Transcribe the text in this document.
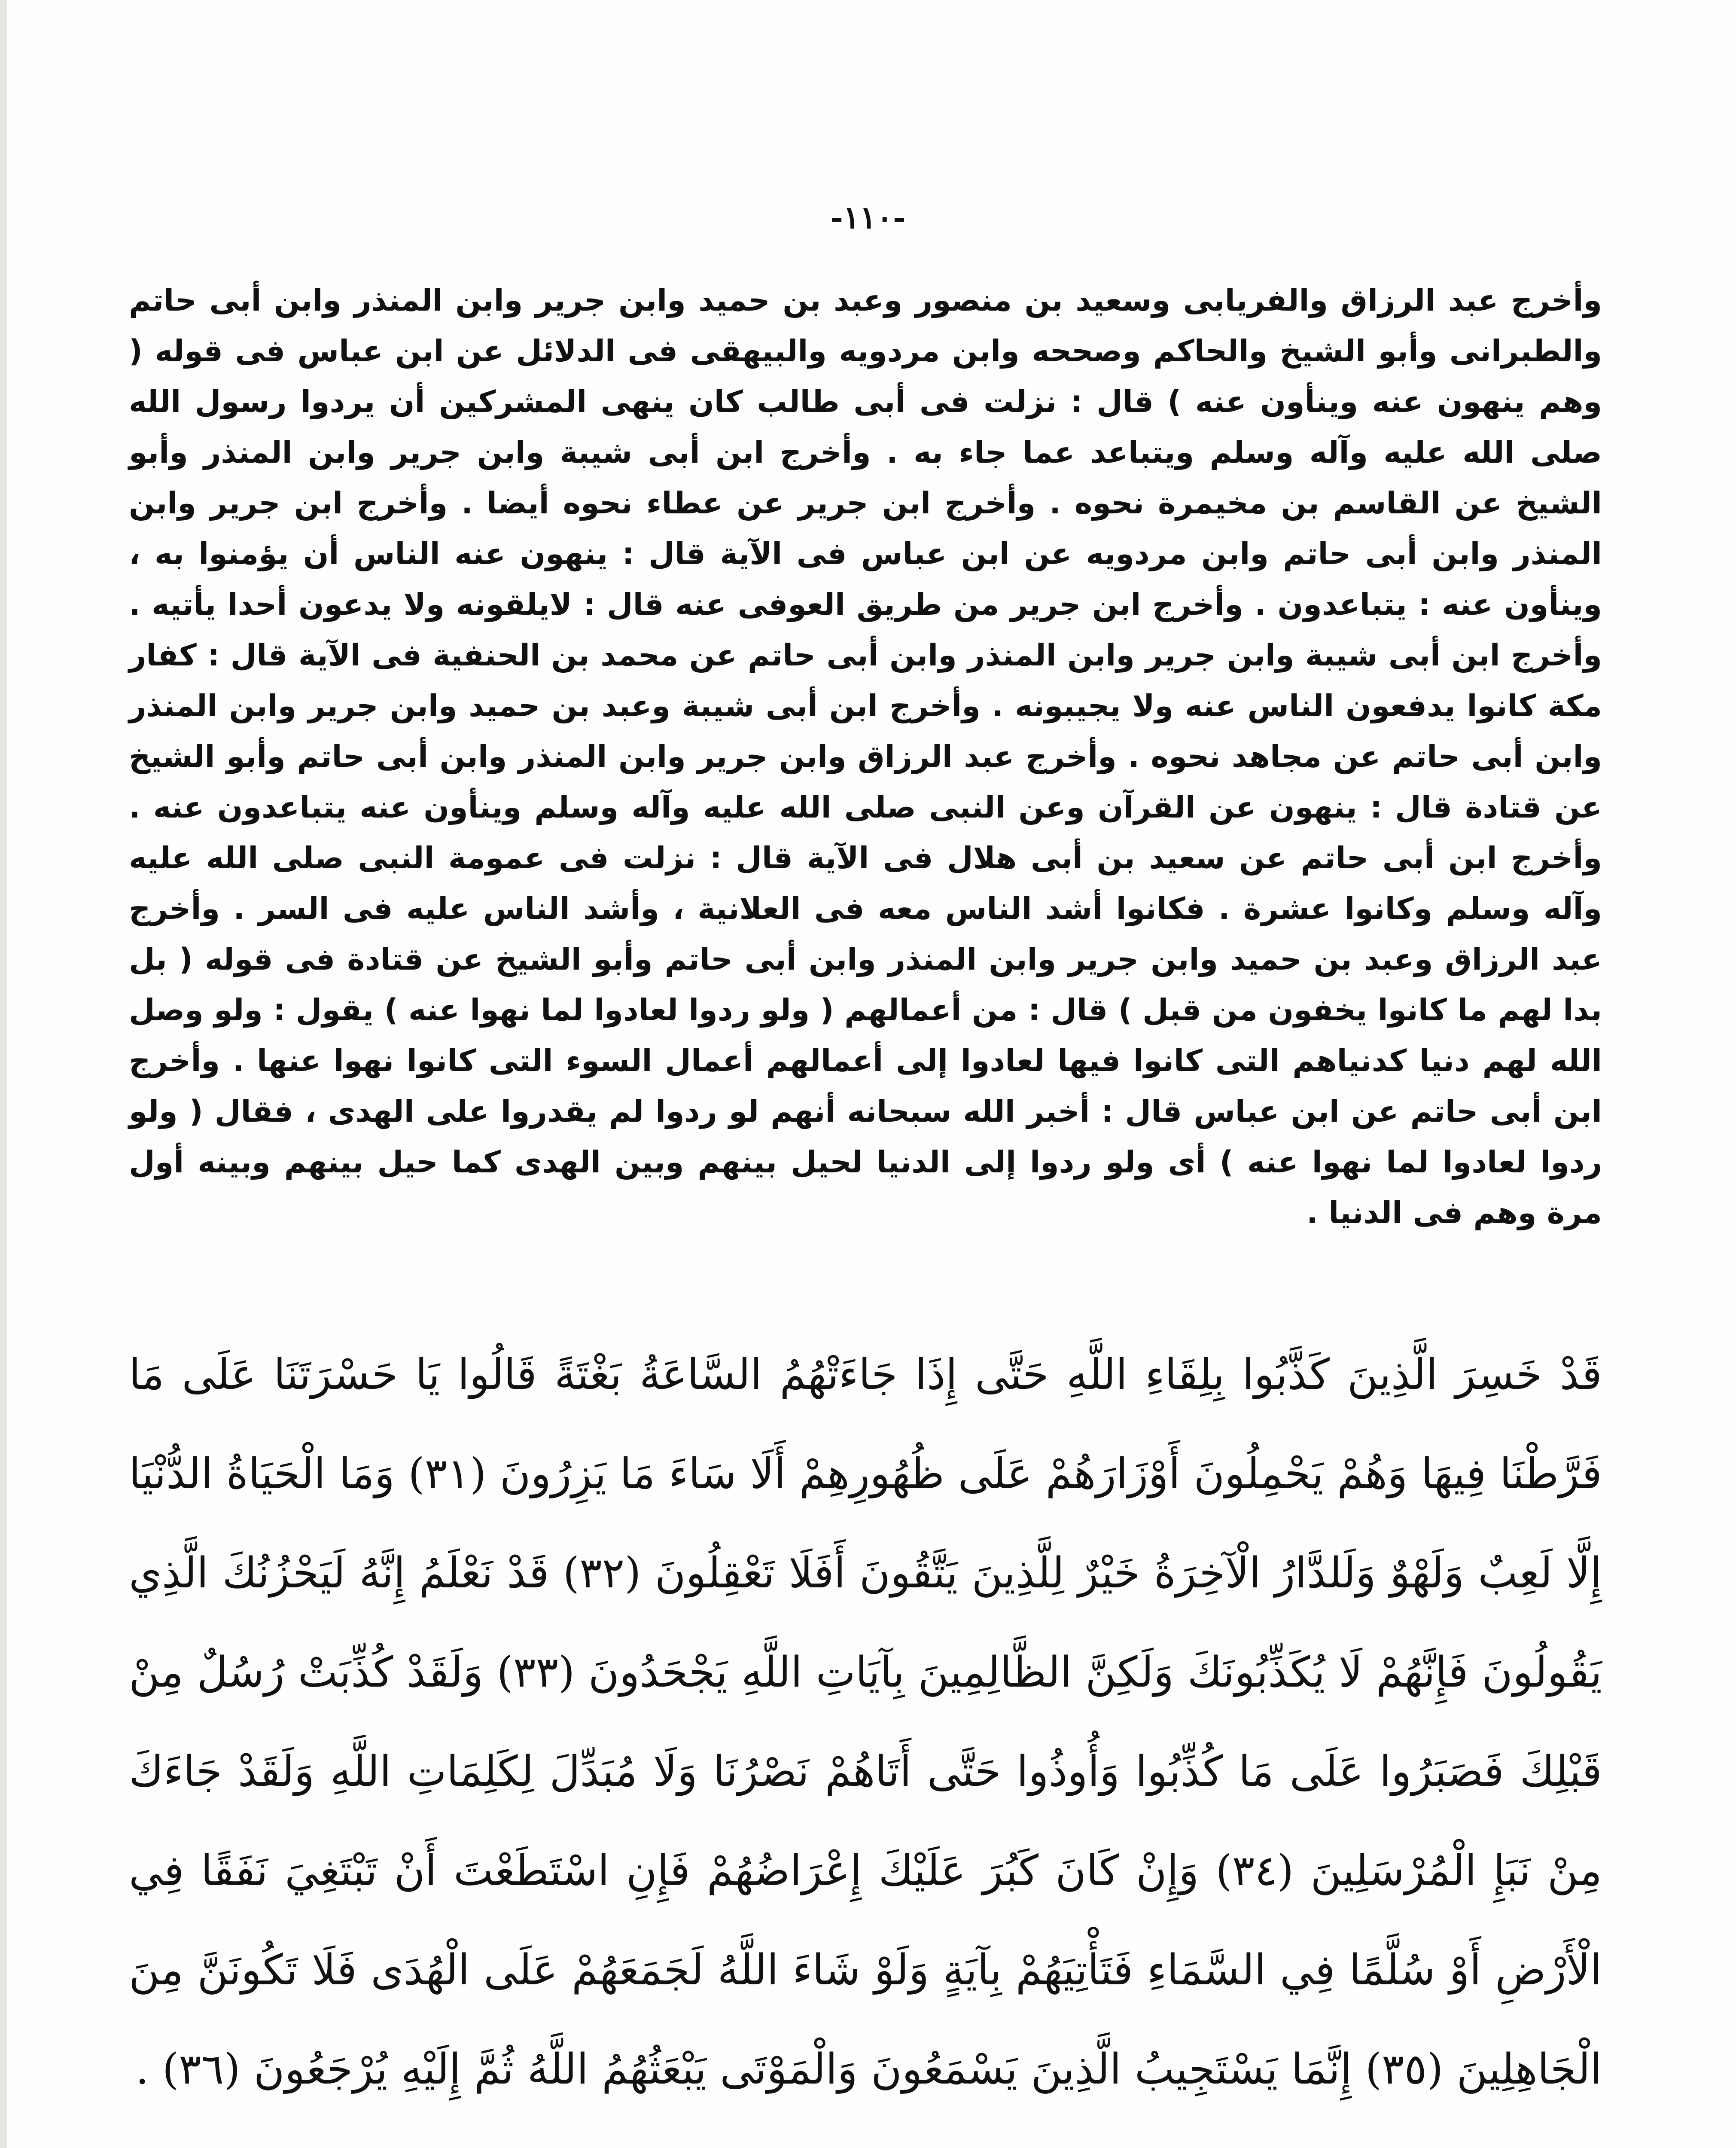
-١١٠-

وأخرج عبد الرزاق والفريابى وسعيد بن منصور وعبد بن حميد وابن جرير وابن المنذر وابن أبى حاتم والطبرانى وأبو الشيخ والحاكم وصححه وابن مردويه والبيهقى فى الدلائل عن ابن عباس فى قوله ( وهم ينهون عنه وينأون عنه ) قال : نزلت فى أبى طالب كان ينهى المشركين أن يردوا رسول الله صلى الله عليه وآله وسلم ويتباعد عما جاء به . وأخرج ابن أبى شيبة وابن جرير وابن المنذر وأبو الشيخ عن القاسم بن مخيمرة نحوه . وأخرج ابن جرير عن عطاء نحوه أيضا . وأخرج ابن جرير وابن المنذر وابن أبى حاتم وابن مردويه عن ابن عباس فى الآية قال : ينهون عنه الناس أن يؤمنوا به ، وينأون عنه : يتباعدون . وأخرج ابن جرير من طريق العوفى عنه قال : لايلقونه ولا يدعون أحدا يأتيه . وأخرج ابن أبى شيبة وابن جرير وابن المنذر وابن أبى حاتم عن محمد بن الحنفية فى الآية قال : كفار مكة كانوا يدفعون الناس عنه ولا يجيبونه . وأخرج ابن أبى شيبة وعبد بن حميد وابن جرير وابن المنذر وابن أبى حاتم عن مجاهد نحوه . وأخرج عبد الرزاق وابن جرير وابن المنذر وابن أبى حاتم وأبو الشيخ عن قتادة قال : ينهون عن القرآن وعن النبى صلى الله عليه وآله وسلم وينأون عنه يتباعدون عنه . وأخرج ابن أبى حاتم عن سعيد بن أبى هلال فى الآية قال : نزلت فى عمومة النبى صلى الله عليه وآله وسلم وكانوا عشرة . فكانوا أشد الناس معه فى العلانية ، وأشد الناس عليه فى السر . وأخرج عبد الرزاق وعبد بن حميد وابن جرير وابن المنذر وابن أبى حاتم وأبو الشيخ عن قتادة فى قوله ( بل بدا لهم ما كانوا يخفون من قبل ) قال : من أعمالهم ( ولو ردوا لعادوا لما نهوا عنه ) يقول : ولو وصل الله لهم دنيا كدنياهم التى كانوا فيها لعادوا إلى أعمالهم أعمال السوء التى كانوا نهوا عنها . وأخرج ابن أبى حاتم عن ابن عباس قال : أخبر الله سبحانه أنهم لو ردوا لم يقدروا على الهدى ، فقال ( ولو ردوا لعادوا لما نهوا عنه ) أى ولو ردوا إلى الدنيا لحيل بينهم وبين الهدى كما حيل بينهم وبينه أول مرة وهم فى الدنيا .

قَدْ خَسِرَ الَّذِينَ كَذَّبُوا بِلِقَاءِ اللَّهِ حَتَّى إِذَا جَاءَتْهُمُ السَّاعَةُ بَغْتَةً قَالُوا يَا حَسْرَتَنَا عَلَى مَا فَرَّطْنَا فِيهَا وَهُمْ يَحْمِلُونَ أَوْزَارَهُمْ عَلَى ظُهُورِهِمْ أَلَا سَاءَ مَا يَزِرُونَ (٣١) وَمَا الْحَيَاةُ الدُّنْيَا إِلَّا لَعِبٌ وَلَهْوٌ وَلَلدَّارُ الْآخِرَةُ خَيْرٌ لِلَّذِينَ يَتَّقُونَ أَفَلَا تَعْقِلُونَ (٣٢) قَدْ نَعْلَمُ إِنَّهُ لَيَحْزُنُكَ الَّذِي يَقُولُونَ فَإِنَّهُمْ لَا يُكَذِّبُونَكَ وَلَكِنَّ الظَّالِمِينَ بِآيَاتِ اللَّهِ يَجْحَدُونَ (٣٣) وَلَقَدْ كُذِّبَتْ رُسُلٌ مِنْ قَبْلِكَ فَصَبَرُوا عَلَى مَا كُذِّبُوا وَأُوذُوا حَتَّى أَتَاهُمْ نَصْرُنَا وَلَا مُبَدِّلَ لِكَلِمَاتِ اللَّهِ وَلَقَدْ جَاءَكَ مِنْ نَبَإِ الْمُرْسَلِينَ (٣٤) وَإِنْ كَانَ كَبُرَ عَلَيْكَ إِعْرَاضُهُمْ فَإِنِ اسْتَطَعْتَ أَنْ تَبْتَغِيَ نَفَقًا فِي الْأَرْضِ أَوْ سُلَّمًا فِي السَّمَاءِ فَتَأْتِيَهُمْ بِآيَةٍ وَلَوْ شَاءَ اللَّهُ لَجَمَعَهُمْ عَلَى الْهُدَى فَلَا تَكُونَنَّ مِنَ الْجَاهِلِينَ (٣٥) إِنَّمَا يَسْتَجِيبُ الَّذِينَ يَسْمَعُونَ وَالْمَوْتَى يَبْعَثُهُمُ اللَّهُ ثُمَّ إِلَيْهِ يُرْجَعُونَ (٣٦) .
